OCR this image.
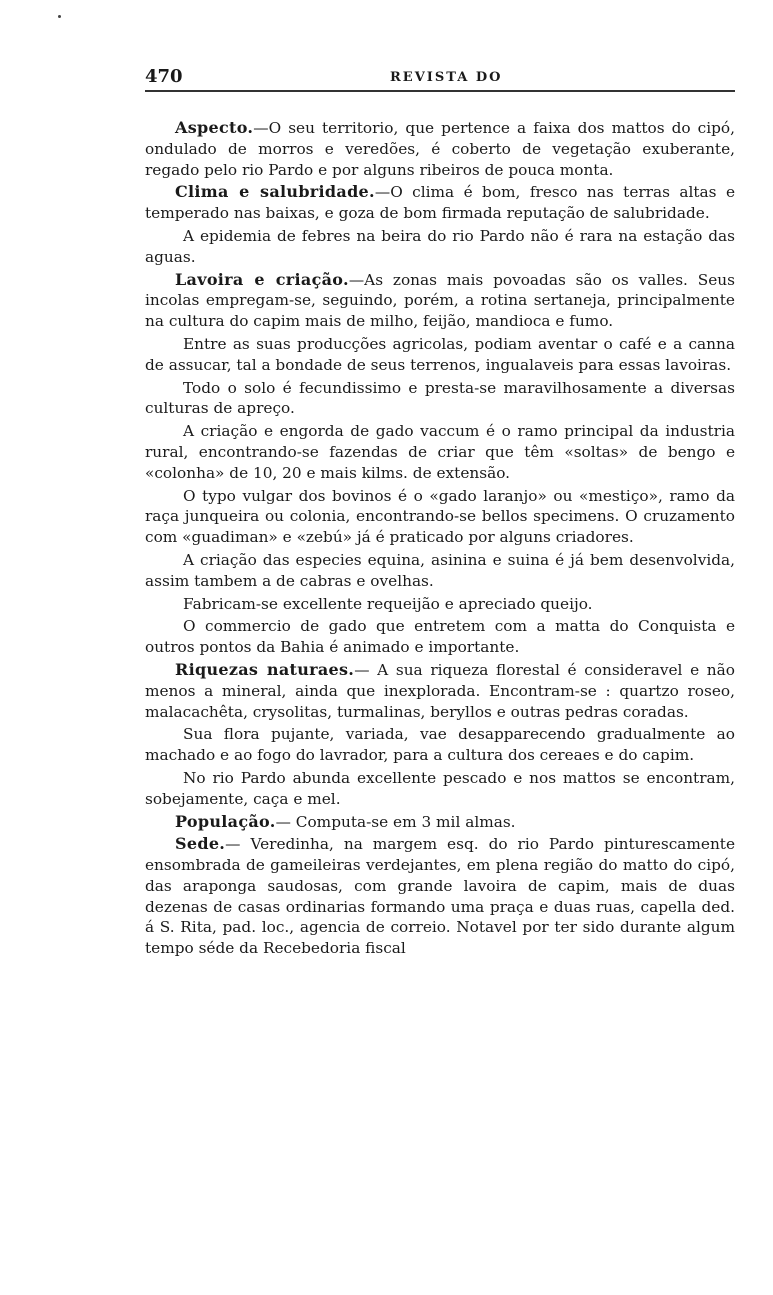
470	REVISTA DO

Aspecto.—O seu territorio, que pertence a faixa dos mattos do cipó, ondulado de morros e veredões, é coberto de vegetação exuberante, regado pelo rio Pardo e por alguns ribeiros de pouca monta.

Clima e salubridade.—O clima é bom, fresco nas terras altas e temperado nas baixas, e goza de bom firmada reputação de salubridade.

A epidemia de febres na beira do rio Pardo não é rara na estação das aguas.

Lavoira e criação.—As zonas mais povoadas são os valles. Seus incolas empregam-se, seguindo, porém, a rotina sertaneja, principalmente na cultura do capim mais de milho, feijão, mandioca e fumo.

Entre as suas producções agricolas, podiam aventar o café e a canna de assucar, tal a bondade de seus terrenos, ingualaveis para essas lavoiras.

Todo o solo é fecundissimo e presta-se maravilhosamente a diversas culturas de apreço.

A criação e engorda de gado vaccum é o ramo principal da industria rural, encontrando-se fazendas de criar que têm «soltas» de bengo e «colonha» de 10, 20 e mais kilms. de extensão.

O typo vulgar dos bovinos é o «gado laranjo» ou «mestiço», ramo da raça junqueira ou colonia, encontrando-se bellos specimens. O cruzamento com «guadiman» e «zebú» já é praticado por alguns criadores.

A criação das especies equina, asinina e suina é já bem desenvolvida, assim tambem a de cabras e ovelhas.

Fabricam-se excellente requeijão e apreciado queijo.

O commercio de gado que entretem com a matta do Conquista e outros pontos da Bahia é animado e importante.

Riquezas naturaes.— A sua riqueza florestal é consideravel e não menos a mineral, ainda que inexplorada. Encontram-se : quartzo roseo, malacachêta, crysolitas, turmalinas, beryllos e outras pedras coradas.

Sua flora pujante, variada, vae desapparecendo gradualmente ao machado e ao fogo do lavrador, para a cultura dos cereaes e do capim.

No rio Pardo abunda excellente pescado e nos mattos se encontram, sobejamente, caça e mel.

População.— Computa-se em 3 mil almas.

Sede.— Veredinha, na margem esq. do rio Pardo pinturescamente ensombrada de gameileiras verdejantes, em plena região do matto do cipó, das araponga saudosas, com grande lavoira de capim, mais de duas dezenas de casas ordinarias formando uma praça e duas ruas, capella ded. á S. Rita, pad. loc., agencia de correio. Notavel por ter sido durante algum tempo séde da Recebedoria fiscal
